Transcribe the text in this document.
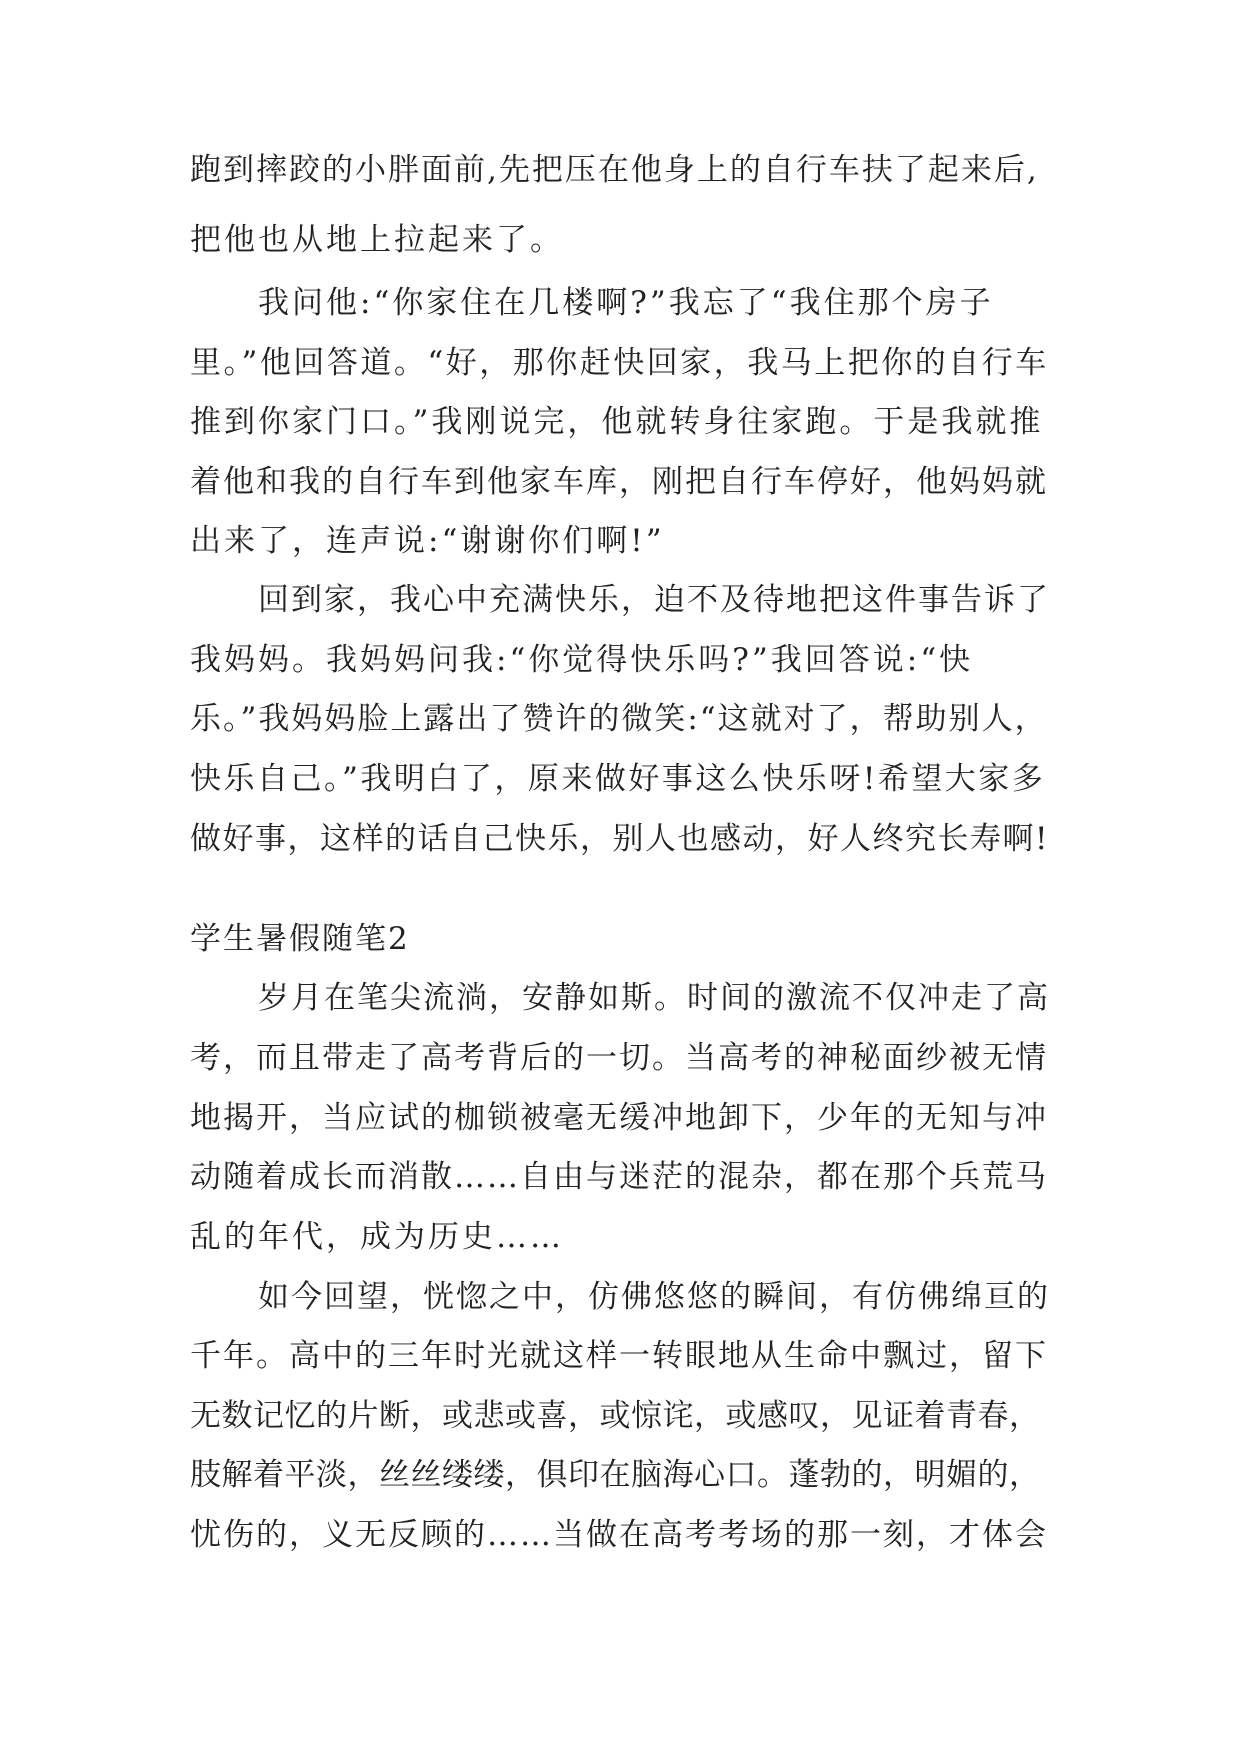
跑到摔跤的小胖面前,先把压在他身上的自行车扶了起来后,
把他也从地上拉起来了。
我问他:“你家住在几楼啊?”我忘了“我住那个房子
里。”他回答道。“好，那你赶快回家，我马上把你的自行车
推到你家门口。”我刚说完，他就转身往家跑。于是我就推
着他和我的自行车到他家车库，刚把自行车停好，他妈妈就
出来了，连声说:“谢谢你们啊!”
回到家，我心中充满快乐，迫不及待地把这件事告诉了
我妈妈。我妈妈问我:“你觉得快乐吗?”我回答说:“快
乐。”我妈妈脸上露出了赞许的微笑:“这就对了，帮助别人，
快乐自己。”我明白了，原来做好事这么快乐呀!希望大家多
做好事，这样的话自己快乐，别人也感动，好人终究长寿啊!
学生暑假随笔2
岁月在笔尖流淌，安静如斯。时间的激流不仅冲走了高
考，而且带走了高考背后的一切。当高考的神秘面纱被无情
地揭开，当应试的枷锁被毫无缓冲地卸下，少年的无知与冲
动随着成长而消散……自由与迷茫的混杂，都在那个兵荒马
乱的年代，成为历史……
如今回望，恍惚之中，仿佛悠悠的瞬间，有仿佛绵亘的
千年。高中的三年时光就这样一转眼地从生命中飘过，留下
无数记忆的片断，或悲或喜，或惊诧，或感叹，见证着青春，
肢解着平淡，丝丝缕缕，俱印在脑海心口。蓬勃的，明媚的，
忧伤的，义无反顾的……当做在高考考场的那一刻，才体会
